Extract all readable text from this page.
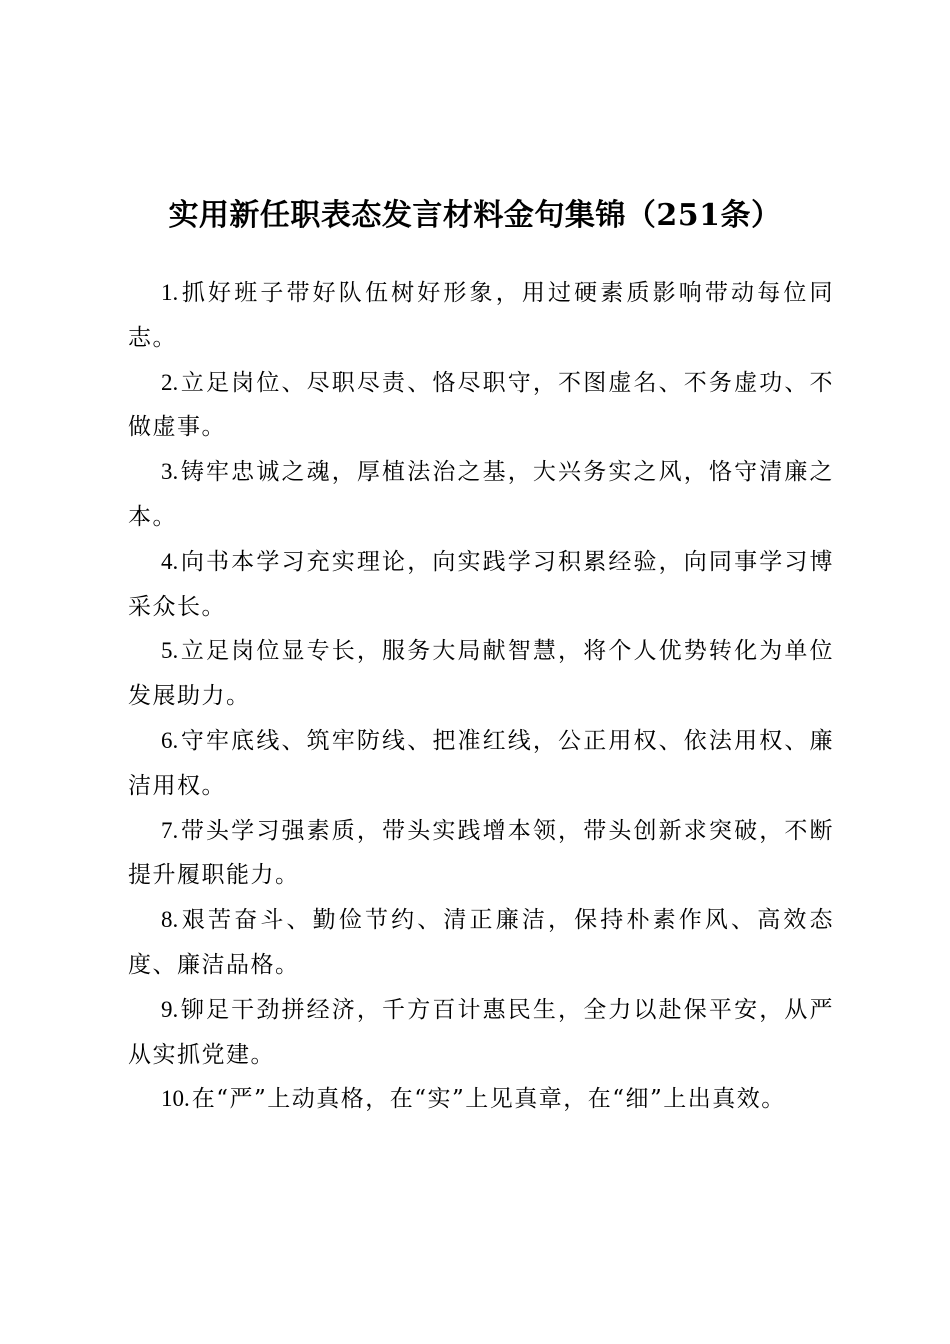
实用新任职表态发言材料金句集锦（251条）
1.抓好班子带好队伍树好形象，用过硬素质影响带动每位同志。
2.立足岗位、尽职尽责、恪尽职守，不图虚名、不务虚功、不做虚事。
3.铸牢忠诚之魂，厚植法治之基，大兴务实之风，恪守清廉之本。
4.向书本学习充实理论，向实践学习积累经验，向同事学习博采众长。
5.立足岗位显专长，服务大局献智慧，将个人优势转化为单位发展助力。
6.守牢底线、筑牢防线、把准红线，公正用权、依法用权、廉洁用权。
7.带头学习强素质，带头实践增本领，带头创新求突破，不断提升履职能力。
8.艰苦奋斗、勤俭节约、清正廉洁，保持朴素作风、高效态度、廉洁品格。
9.铆足干劲拼经济，千方百计惠民生，全力以赴保平安，从严从实抓党建。
10.在“严”上动真格，在“实”上见真章，在“细”上出真效。
